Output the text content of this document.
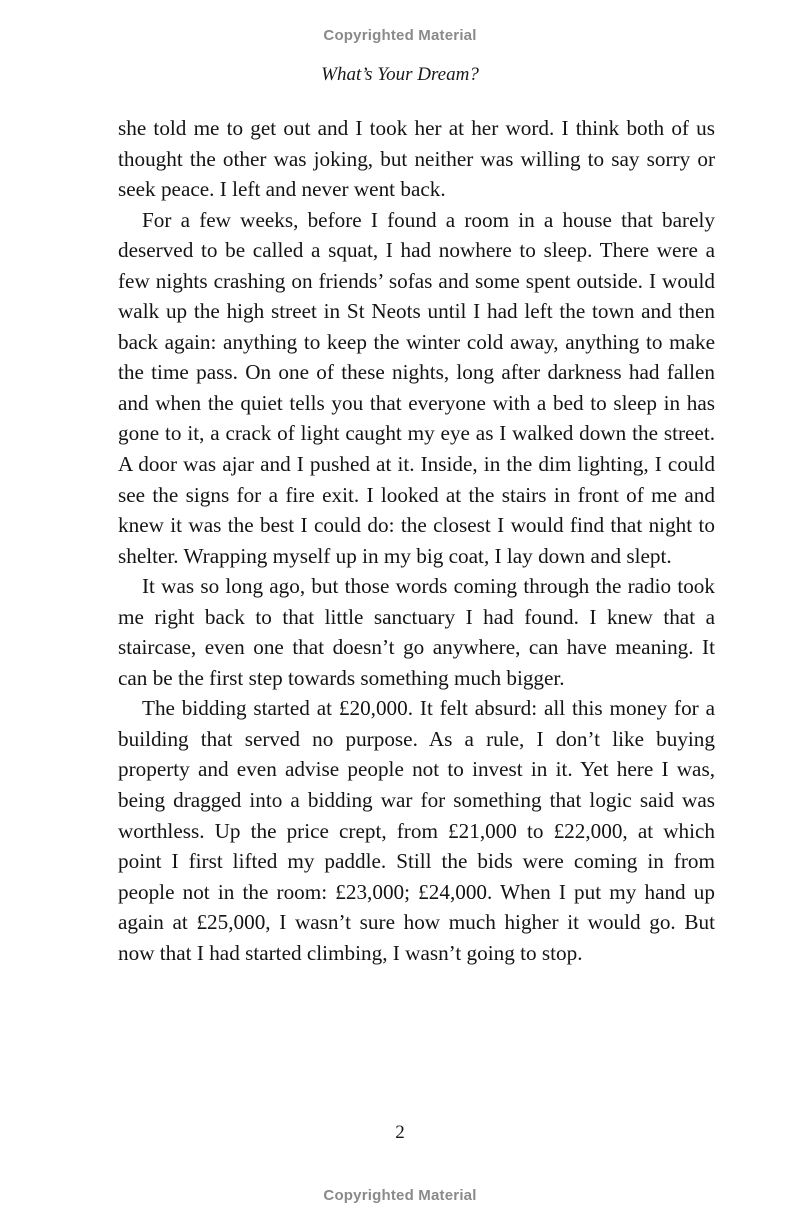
Copyrighted Material
What’s Your Dream?

she told me to get out and I took her at her word. I think both of us thought the other was joking, but neither was willing to say sorry or seek peace. I left and never went back.

For a few weeks, before I found a room in a house that barely deserved to be called a squat, I had nowhere to sleep. There were a few nights crashing on friends’ sofas and some spent outside. I would walk up the high street in St Neots until I had left the town and then back again: anything to keep the winter cold away, anything to make the time pass. On one of these nights, long after darkness had fallen and when the quiet tells you that everyone with a bed to sleep in has gone to it, a crack of light caught my eye as I walked down the street. A door was ajar and I pushed at it. Inside, in the dim lighting, I could see the signs for a fire exit. I looked at the stairs in front of me and knew it was the best I could do: the closest I would find that night to shelter. Wrapping myself up in my big coat, I lay down and slept.

It was so long ago, but those words coming through the radio took me right back to that little sanctuary I had found. I knew that a staircase, even one that doesn’t go anywhere, can have meaning. It can be the first step towards something much bigger.

The bidding started at £20,000. It felt absurd: all this money for a building that served no purpose. As a rule, I don’t like buying property and even advise people not to invest in it. Yet here I was, being dragged into a bidding war for something that logic said was worthless. Up the price crept, from £21,000 to £22,000, at which point I first lifted my paddle. Still the bids were coming in from people not in the room: £23,000; £24,000. When I put my hand up again at £25,000, I wasn’t sure how much higher it would go. But now that I had started climbing, I wasn’t going to stop.

2
Copyrighted Material
